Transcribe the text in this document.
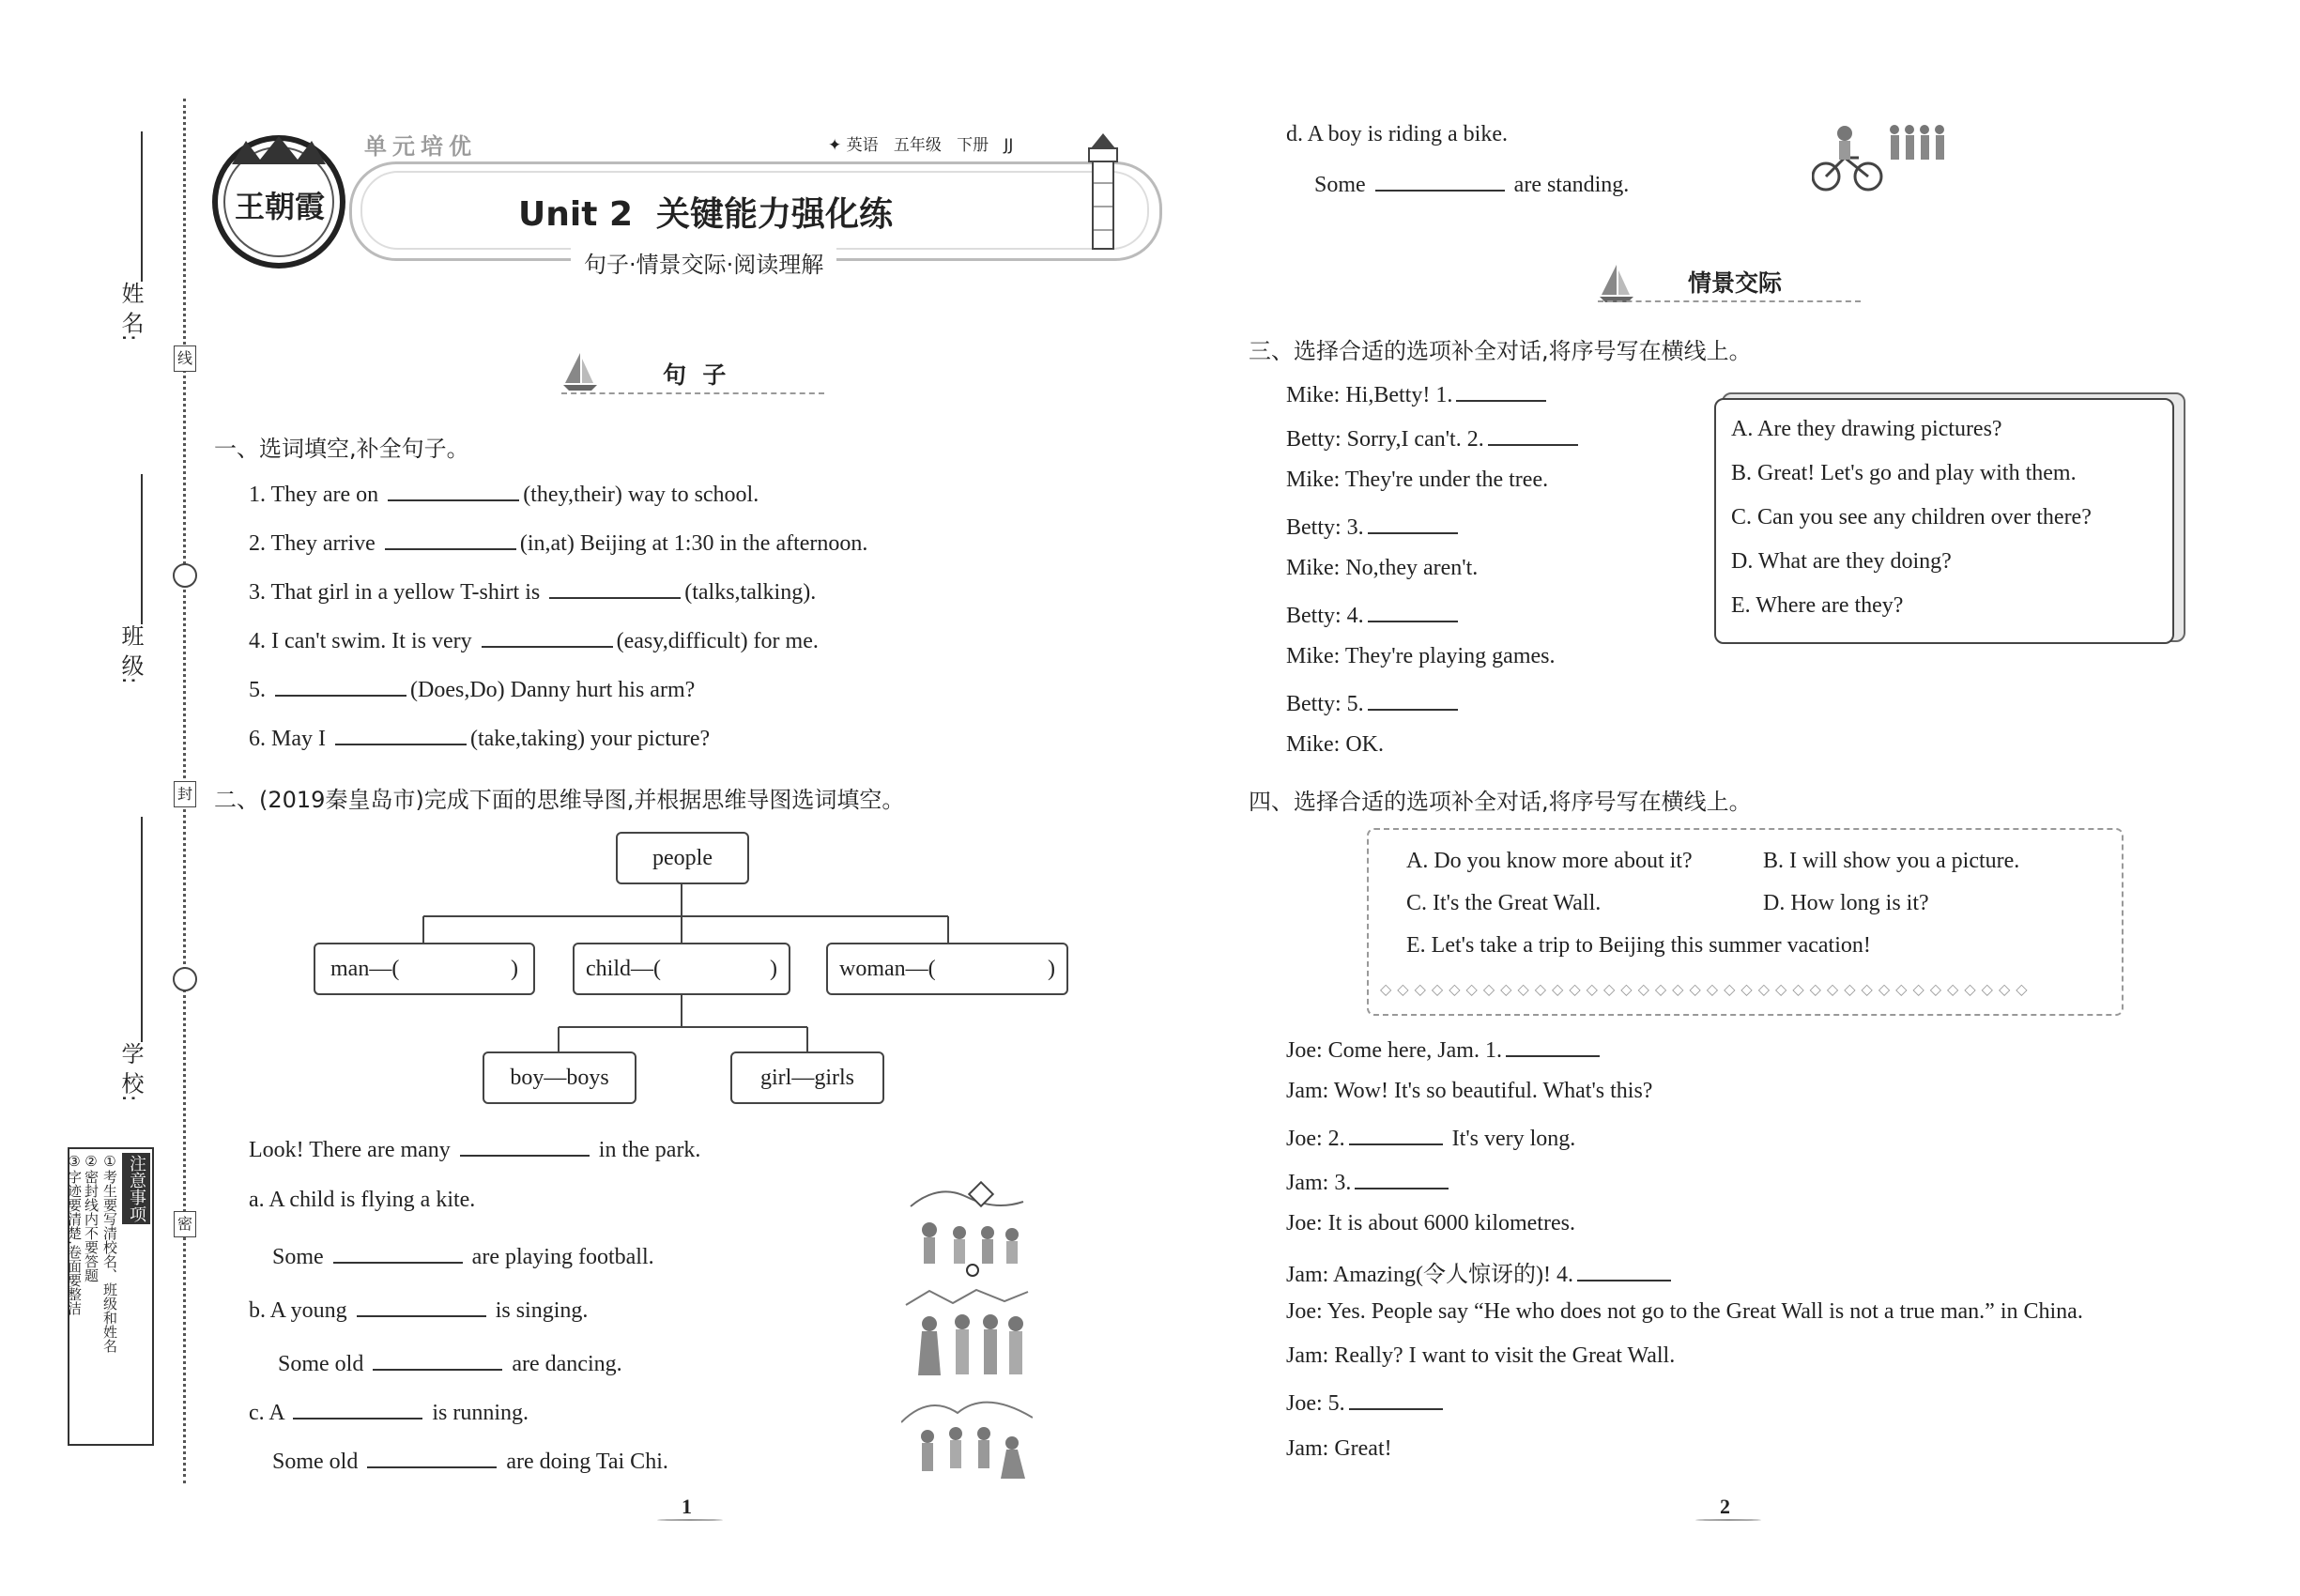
姓 名:
班 级:
学 校:
线
封
密
注意事项
①考生要写清校名、班级和姓名
②密封线内不要答题
③字迹要清楚,卷面要整洁
王朝霞
单元培优	✦ 英语 五年级 下册 JJ
Unit 2  关键能力强化练
句子·情景交际·阅读理解
句  子
一、选词填空,补全句子。
1. They are on	(they,their) way to school.
2. They arrive	(in,at) Beijing at 1:30 in the afternoon.
3. That girl in a yellow T-shirt is	(talks,talking).
4. I can't swim. It is very	(easy,difficult) for me.
5.	(Does,Do) Danny hurt his arm?
6. May I	(take,taking) your picture?
二、(2019秦皇岛市)完成下面的思维导图,并根据思维导图选词填空。
people
man—(	)	child—(	)	woman—(	)
boy—boys	girl—girls
Look! There are many	in the park.
a. A child is flying a kite.
Some	are playing football.
b. A young	is singing.
Some old	are dancing.
c. A	is running.
Some old	are doing Tai Chi.
1
d. A boy is riding a bike.
Some	are standing.
情景交际
三、选择合适的选项补全对话,将序号写在横线上。
Mike: Hi,Betty! 1.
Betty: Sorry,I can't. 2.
Mike: They're under the tree.
Betty: 3.
Mike: No,they aren't.
Betty: 4.
Mike: They're playing games.
Betty: 5.
Mike: OK.
A. Are they drawing pictures?
B. Great! Let's go and play with them.
C. Can you see any children over there?
D. What are they doing?
E. Where are they?
四、选择合适的选项补全对话,将序号写在横线上。
A. Do you know more about it?	B. I will show you a picture.
C. It's the Great Wall.	D. How long is it?
E. Let's take a trip to Beijing this summer vacation!
◇◇◇◇◇◇◇◇◇◇◇◇◇◇◇◇◇◇◇◇◇◇◇◇◇◇◇◇◇◇◇◇◇◇◇◇◇◇
Joe: Come here, Jam. 1.
Jam: Wow! It's so beautiful. What's this?
Joe: 2.	It's very long.
Jam: 3.
Joe: It is about 6000 kilometres.
Jam: Amazing(令人惊讶的)! 4.
Joe: Yes. People say “He who does not go to the Great Wall is not a true man.” in China.
Jam: Really? I want to visit the Great Wall.
Joe: 5.
Jam: Great!
2
